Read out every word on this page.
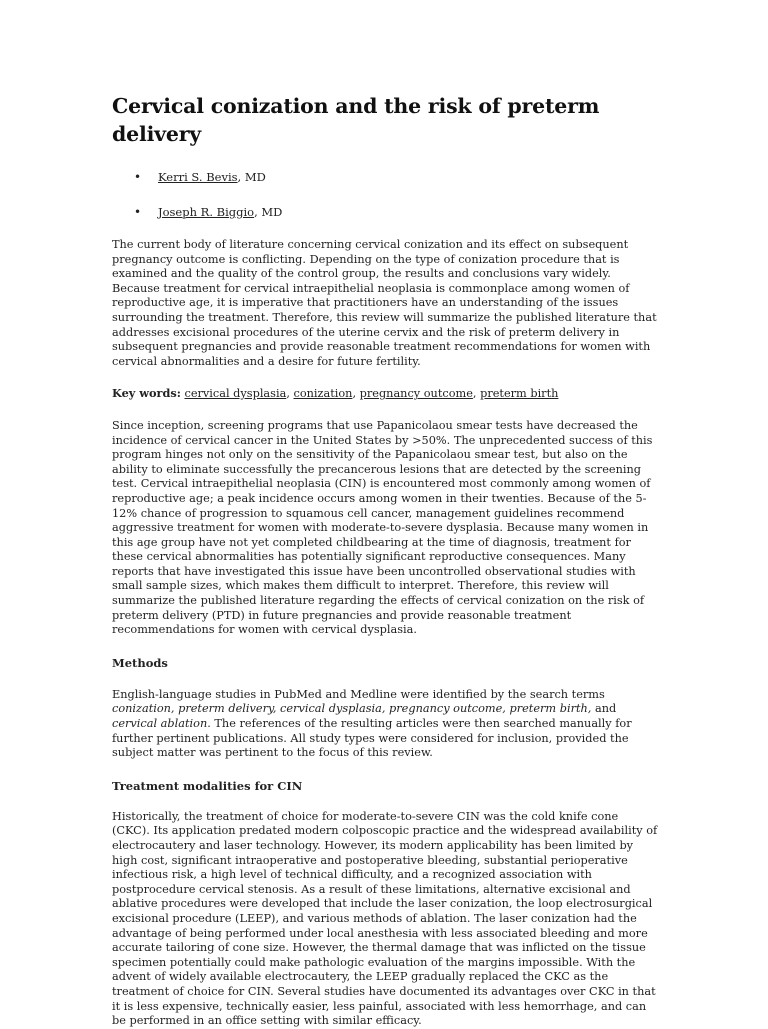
Cervical conization and the risk of preterm delivery
• Kerri S. Bevis, MD
• Joseph R. Biggio, MD

The current body of literature concerning cervical conization and its effect on subsequent pregnancy outcome is conflicting. Depending on the type of conization procedure that is examined and the quality of the control group, the results and conclusions vary widely. Because treatment for cervical intraepithelial neoplasia is commonplace among women of reproductive age, it is imperative that practitioners have an understanding of the issues surrounding the treatment. Therefore, this review will summarize the published literature that addresses excisional procedures of the uterine cervix and the risk of preterm delivery in subsequent pregnancies and provide reasonable treatment recommendations for women with cervical abnormalities and a desire for future fertility.

Key words: cervical dysplasia, conization, pregnancy outcome, preterm birth

Since inception, screening programs that use Papanicolaou smear tests have decreased the incidence of cervical cancer in the United States by >50%. The unprecedented success of this program hinges not only on the sensitivity of the Papanicolaou smear test, but also on the ability to eliminate successfully the precancerous lesions that are detected by the screening test. Cervical intraepithelial neoplasia (CIN) is encountered most commonly among women of reproductive age; a peak incidence occurs among women in their twenties. Because of the 5-12% chance of progression to squamous cell cancer, management guidelines recommend aggressive treatment for women with moderate-to-severe dysplasia. Because many women in this age group have not yet completed childbearing at the time of diagnosis, treatment for these cervical abnormalities has potentially significant reproductive consequences. Many reports that have investigated this issue have been uncontrolled observational studies with small sample sizes, which makes them difficult to interpret. Therefore, this review will summarize the published literature regarding the effects of cervical conization on the risk of preterm delivery (PTD) in future pregnancies and provide reasonable treatment recommendations for women with cervical dysplasia.

Methods

English-language studies in PubMed and Medline were identified by the search terms conization, preterm delivery, cervical dysplasia, pregnancy outcome, preterm birth, and cervical ablation. The references of the resulting articles were then searched manually for further pertinent publications. All study types were considered for inclusion, provided the subject matter was pertinent to the focus of this review.

Treatment modalities for CIN

Historically, the treatment of choice for moderate-to-severe CIN was the cold knife cone (CKC). Its application predated modern colposcopic practice and the widespread availability of electrocautery and laser technology. However, its modern applicability has been limited by high cost, significant intraoperative and postoperative bleeding, substantial perioperative infectious risk, a high level of technical difficulty, and a recognized association with postprocedure cervical stenosis. As a result of these limitations, alternative excisional and ablative procedures were developed that include the laser conization, the loop electrosurgical excisional procedure (LEEP), and various methods of ablation. The laser conization had the advantage of being performed under local anesthesia with less associated bleeding and more accurate tailoring of cone size. However, the thermal damage that was inflicted on the tissue specimen potentially could make pathologic evaluation of the margins impossible. With the advent of widely available electrocautery, the LEEP gradually replaced the CKC as the treatment of choice for CIN. Several studies have documented its advantages over CKC in that it is less expensive, technically easier, less painful, associated with less hemorrhage, and can be performed in an office setting with similar efficacy.
